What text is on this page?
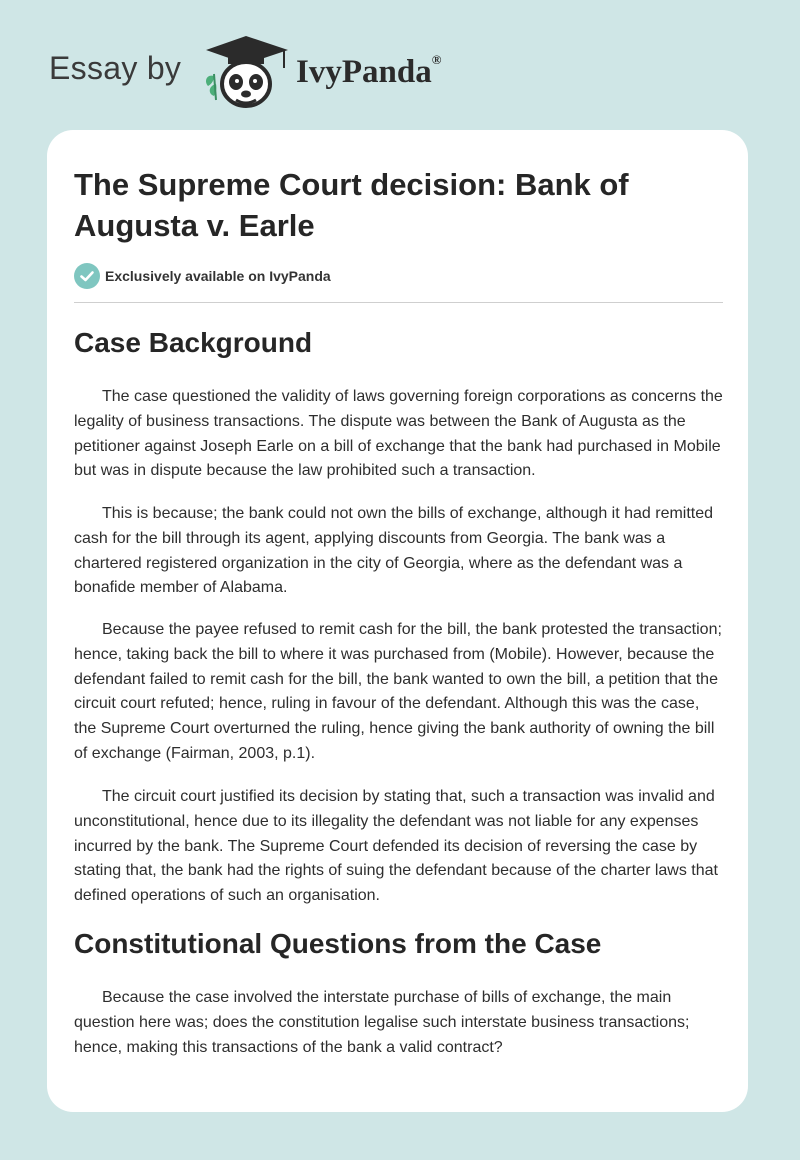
Essay by	IvyPanda®
The Supreme Court decision: Bank of Augusta v. Earle
Exclusively available on IvyPanda
Case Background

The case questioned the validity of laws governing foreign corporations as concerns the legality of business transactions. The dispute was between the Bank of Augusta as the petitioner against Joseph Earle on a bill of exchange that the bank had purchased in Mobile but was in dispute because the law prohibited such a transaction.

This is because; the bank could not own the bills of exchange, although it had remitted cash for the bill through its agent, applying discounts from Georgia. The bank was a chartered registered organization in the city of Georgia, where as the defendant was a bonafide member of Alabama.

Because the payee refused to remit cash for the bill, the bank protested the transaction; hence, taking back the bill to where it was purchased from (Mobile). However, because the defendant failed to remit cash for the bill, the bank wanted to own the bill, a petition that the circuit court refuted; hence, ruling in favour of the defendant. Although this was the case, the Supreme Court overturned the ruling, hence giving the bank authority of owning the bill of exchange (Fairman, 2003, p.1).

The circuit court justified its decision by stating that, such a transaction was invalid and unconstitutional, hence due to its illegality the defendant was not liable for any expenses incurred by the bank. The Supreme Court defended its decision of reversing the case by stating that, the bank had the rights of suing the defendant because of the charter laws that defined operations of such an organisation.

Constitutional Questions from the Case

Because the case involved the interstate purchase of bills of exchange, the main question here was; does the constitution legalise such interstate business transactions; hence, making this transactions of the bank a valid contract?
